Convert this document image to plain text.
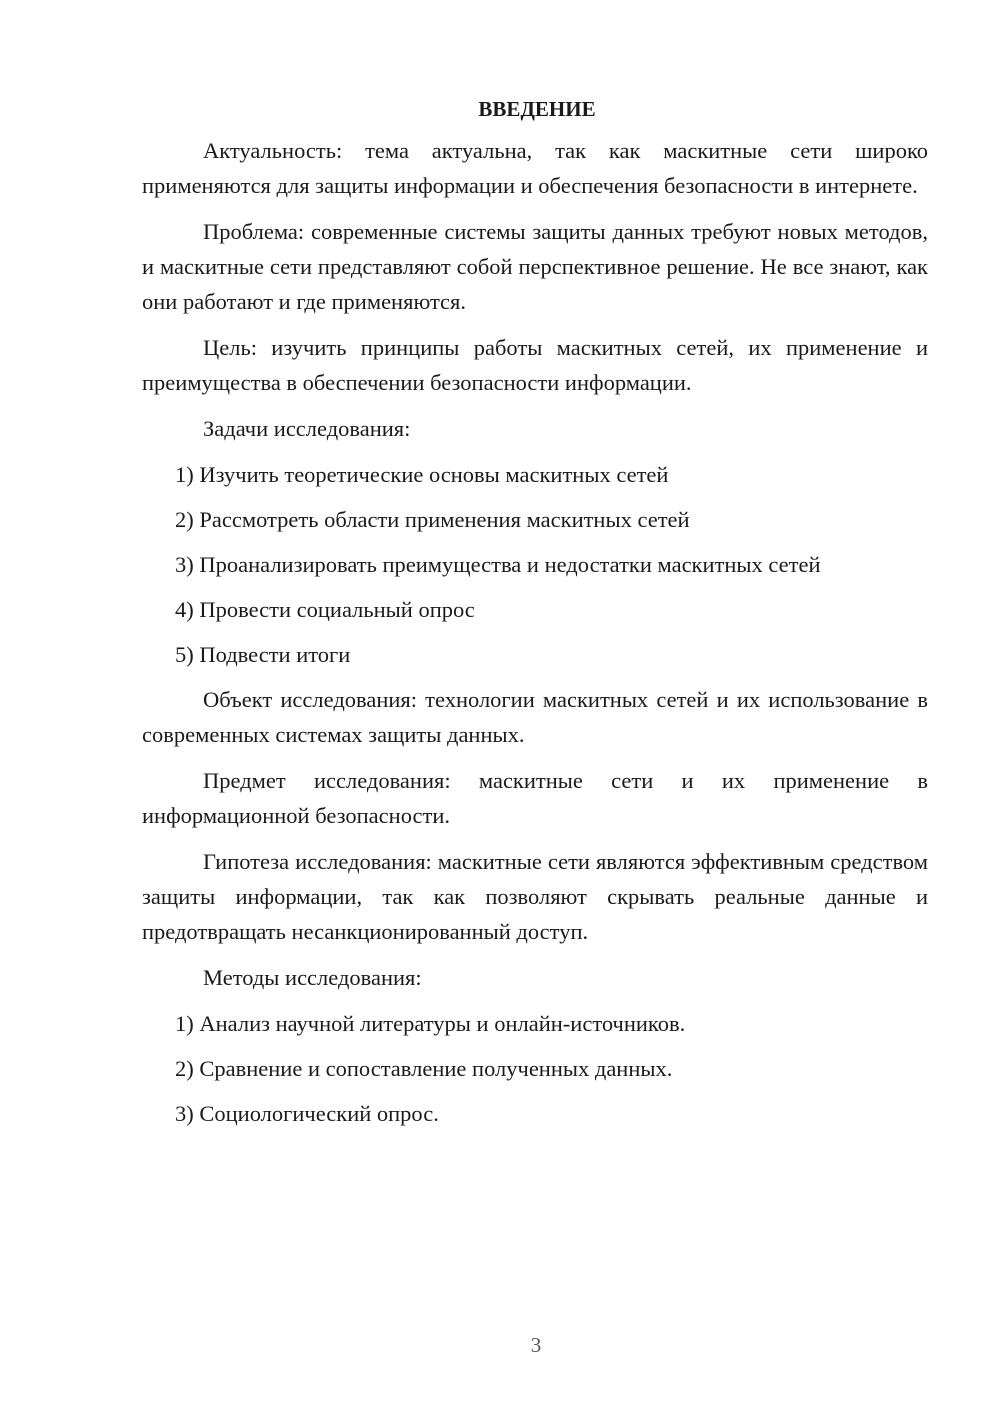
ВВЕДЕНИЕ

Актуальность: тема актуальна, так как маскитные сети широко применяются для защиты информации и обеспечения безопасности в интернете.

Проблема: современные системы защиты данных требуют новых методов, и маскитные сети представляют собой перспективное решение. Не все знают, как они работают и где применяются.

Цель: изучить принципы работы маскитных сетей, их применение и преимущества в обеспечении безопасности информации.

Задачи исследования:

1) Изучить теоретические основы маскитных сетей
2) Рассмотреть области применения маскитных сетей
3) Проанализировать преимущества и недостатки маскитных сетей
4) Провести социальный опрос
5) Подвести итоги

Объект исследования: технологии маскитных сетей и их использование в современных системах защиты данных.

Предмет исследования: маскитные сети и их применение в информационной безопасности.

Гипотеза исследования: маскитные сети являются эффективным средством защиты информации, так как позволяют скрывать реальные данные и предотвращать несанкционированный доступ.

Методы исследования:

1) Анализ научной литературы и онлайн-источников.
2) Сравнение и сопоставление полученных данных.
3) Социологический опрос.
3
